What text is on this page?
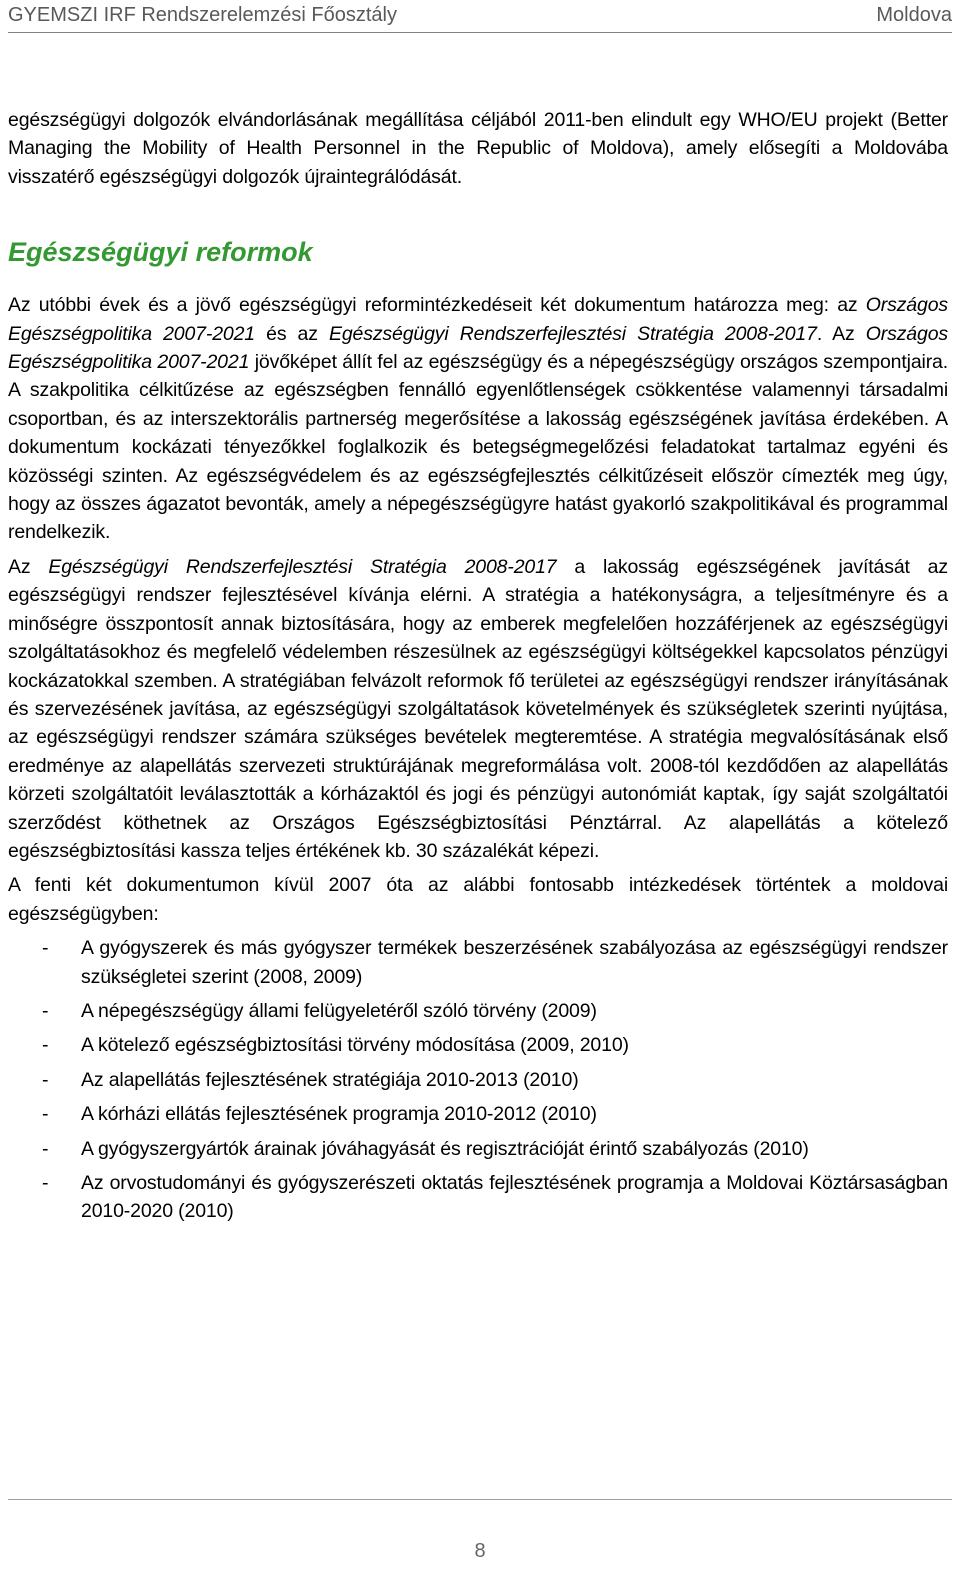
GYEMSZI IRF Rendszerelemzési Főosztály	Moldova

egészségügyi dolgozók elvándorlásának megállítása céljából 2011-ben elindult egy WHO/EU projekt (Better Managing the Mobility of Health Personnel in the Republic of Moldova), amely elősegíti a Moldovába visszatérő egészségügyi dolgozók újraintegrálódását.

Egészségügyi reformok

Az utóbbi évek és a jövő egészségügyi reformintézkedéseit két dokumentum határozza meg: az Országos Egészségpolitika 2007-2021 és az Egészségügyi Rendszerfejlesztési Stratégia 2008-2017. Az Országos Egészségpolitika 2007-2021 jövőképet állít fel az egészségügy és a népegészségügy országos szempontjaira. A szakpolitika célkitűzése az egészségben fennálló egyenlőtlenségek csökkentése valamennyi társadalmi csoportban, és az interszektorális partnerség megerősítése a lakosság egészségének javítása érdekében. A dokumentum kockázati tényezőkkel foglalkozik és betegségmegelőzési feladatokat tartalmaz egyéni és közösségi szinten. Az egészségvédelem és az egészségfejlesztés célkitűzéseit először címezték meg úgy, hogy az összes ágazatot bevonták, amely a népegészségügyre hatást gyakorló szakpolitikával és programmal rendelkezik.

Az Egészségügyi Rendszerfejlesztési Stratégia 2008-2017 a lakosság egészségének javítását az egészségügyi rendszer fejlesztésével kívánja elérni. A stratégia a hatékonyságra, a teljesítményre és a minőségre összpontosít annak biztosítására, hogy az emberek megfelelően hozzáférjenek az egészségügyi szolgáltatásokhoz és megfelelő védelemben részesülnek az egészségügyi költségekkel kapcsolatos pénzügyi kockázatokkal szemben. A stratégiában felvázolt reformok fő területei az egészségügyi rendszer irányításának és szervezésének javítása, az egészségügyi szolgáltatások követelmények és szükségletek szerinti nyújtása, az egészségügyi rendszer számára szükséges bevételek megteremtése. A stratégia megvalósításának első eredménye az alapellátás szervezeti struktúrájának megreformálása volt. 2008-tól kezdődően az alapellátás körzeti szolgáltatóit leválasztották a kórházaktól és jogi és pénzügyi autonómiát kaptak, így saját szolgáltatói szerződést köthetnek az Országos Egészségbiztosítási Pénztárral. Az alapellátás a kötelező egészségbiztosítási kassza teljes értékének kb. 30 százalékát képezi.

A fenti két dokumentumon kívül 2007 óta az alábbi fontosabb intézkedések történtek a moldovai egészségügyben:

- A gyógyszerek és más gyógyszer termékek beszerzésének szabályozása az egészségügyi rendszer szükségletei szerint (2008, 2009)
- A népegészségügy állami felügyeletéről szóló törvény (2009)
- A kötelező egészségbiztosítási törvény módosítása (2009, 2010)
- Az alapellátás fejlesztésének stratégiája 2010-2013 (2010)
- A kórházi ellátás fejlesztésének programja 2010-2012 (2010)
- A gyógyszergyártók árainak jóváhagyását és regisztrációját érintő szabályozás (2010)
- Az orvostudományi és gyógyszerészeti oktatás fejlesztésének programja a Moldovai Köztársaságban 2010-2020 (2010)
8
